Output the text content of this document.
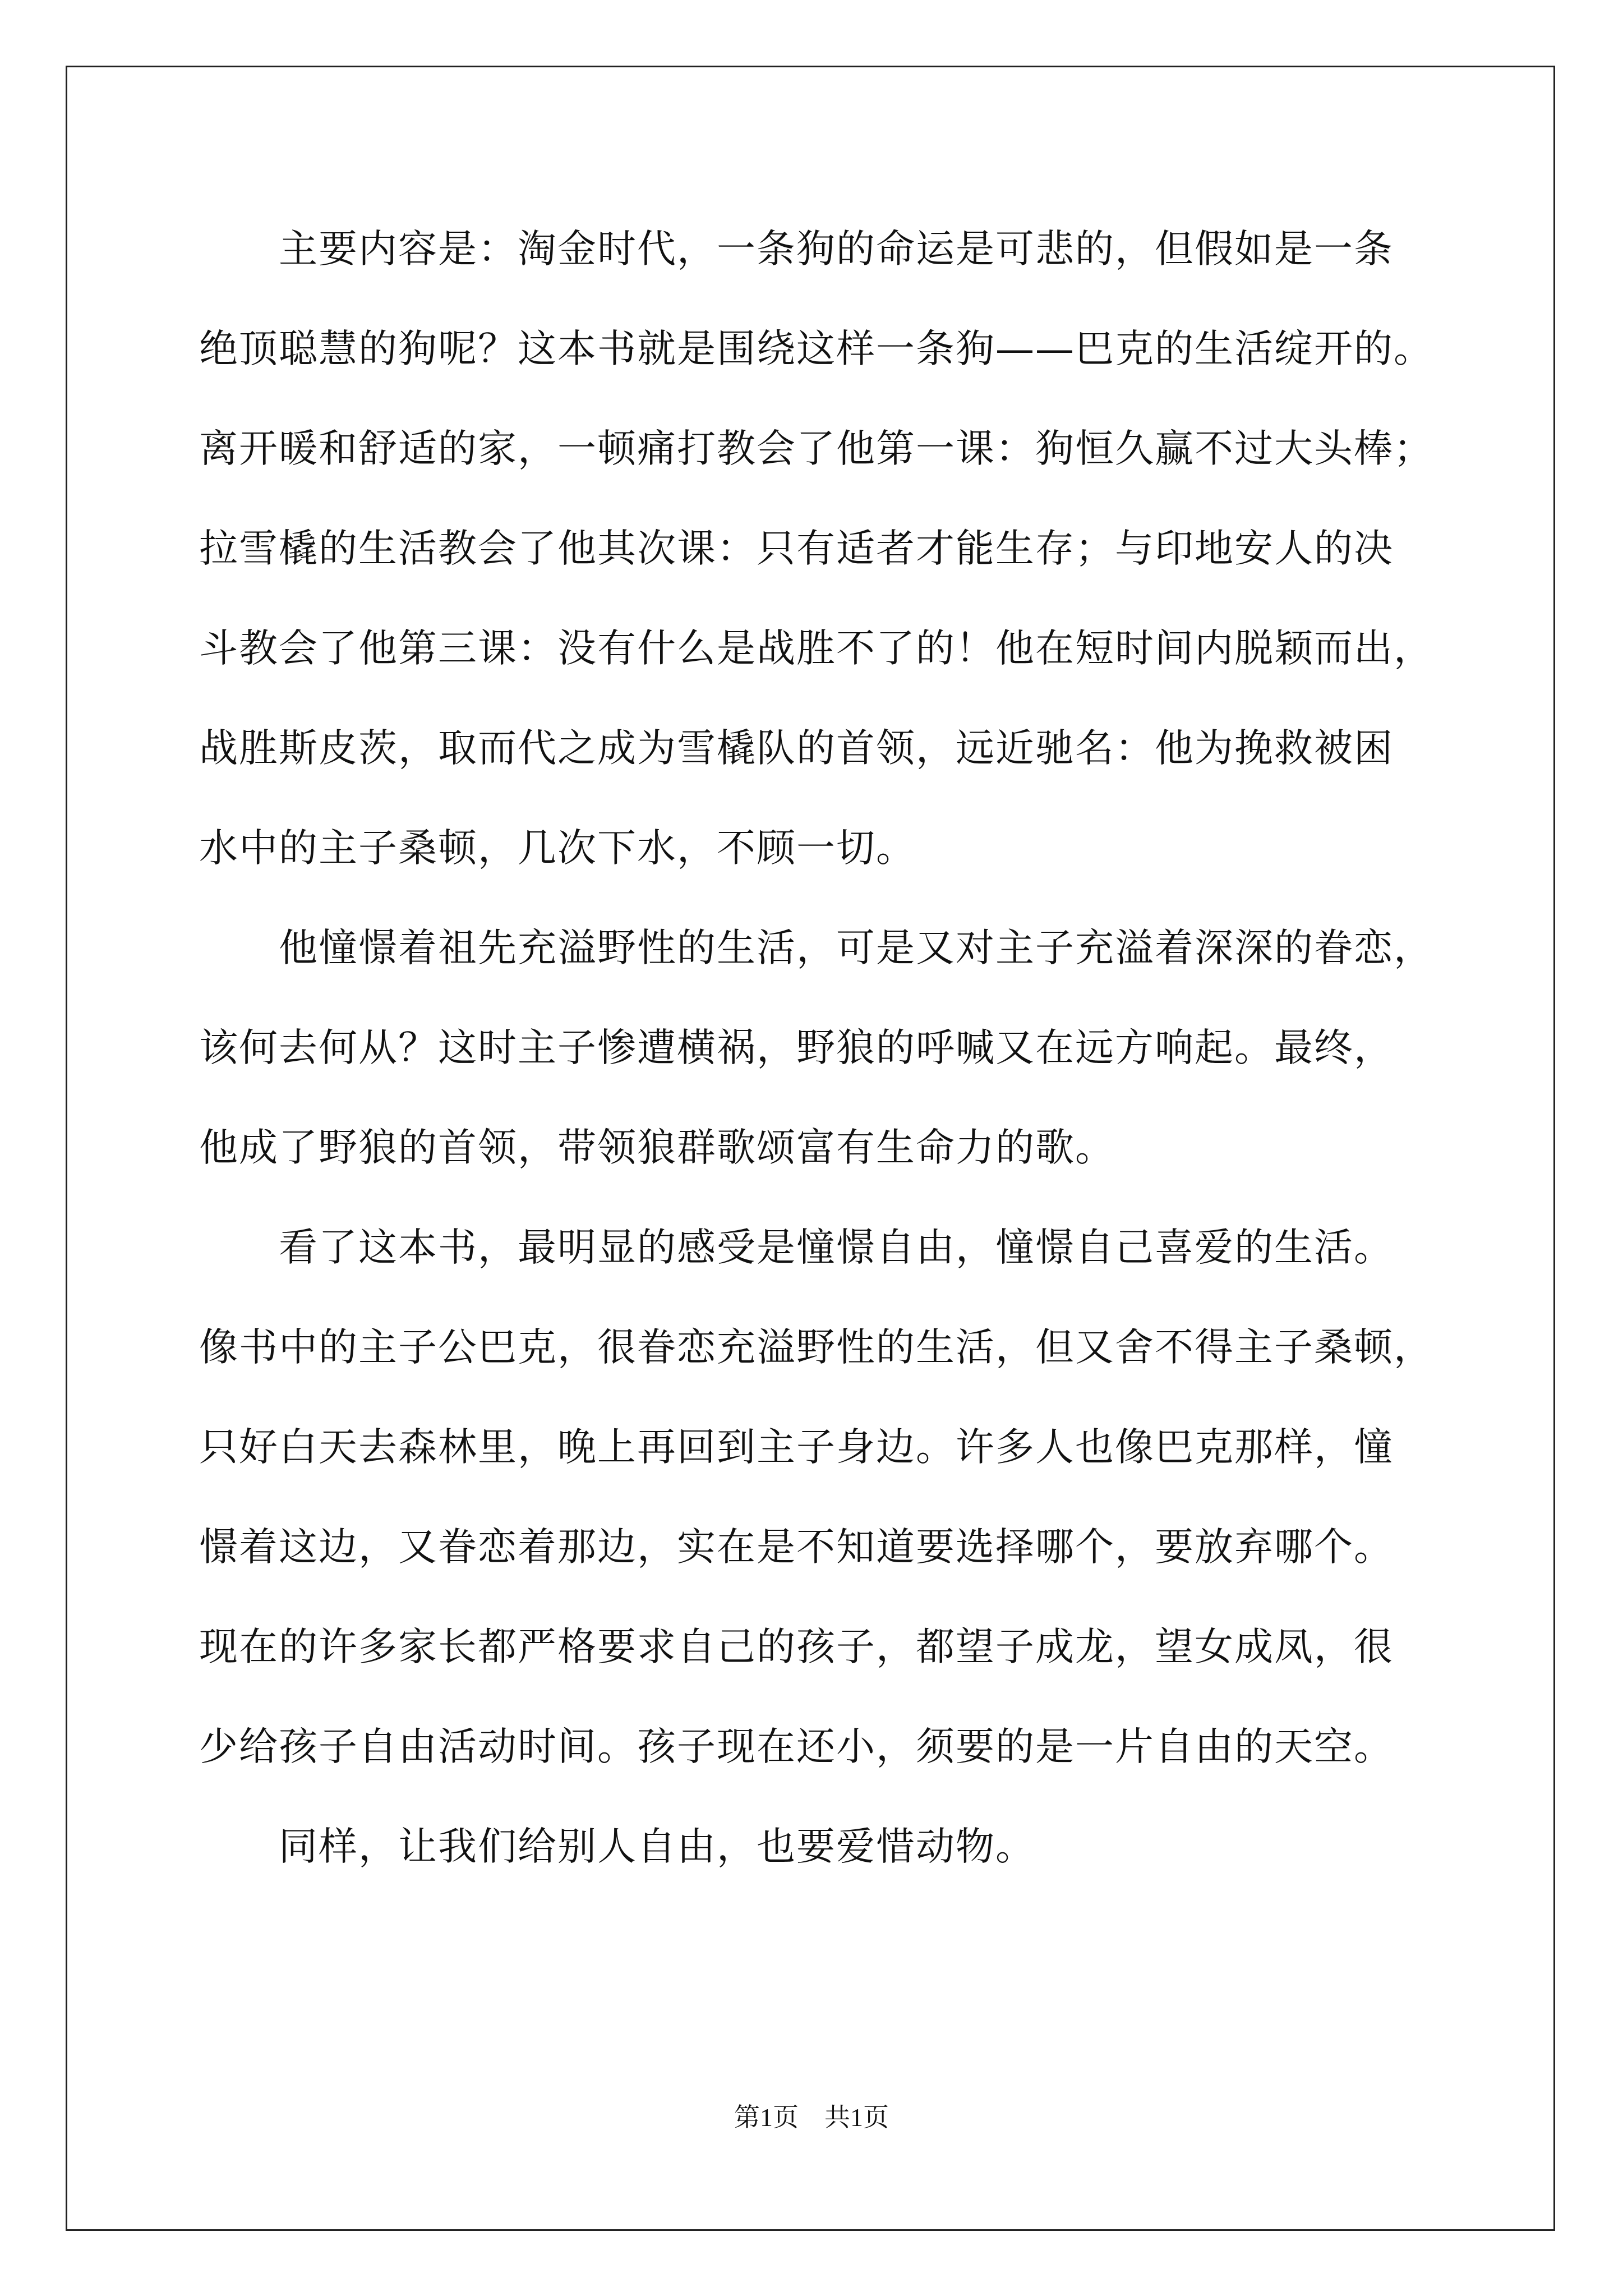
　　主要内容是：淘金时代，一条狗的命运是可悲的，但假如是一条
绝顶聪慧的狗呢？这本书就是围绕这样一条狗——巴克的生活绽开的。
离开暖和舒适的家，一顿痛打教会了他第一课：狗恒久赢不过大头棒；
拉雪橇的生活教会了他其次课：只有适者才能生存；与印地安人的决
斗教会了他第三课：没有什么是战胜不了的！他在短时间内脱颖而出，
战胜斯皮茨，取而代之成为雪橇队的首领，远近驰名：他为挽救被困
水中的主子桑顿，几次下水，不顾一切。
　　他憧憬着祖先充溢野性的生活，可是又对主子充溢着深深的眷恋，
该何去何从？这时主子惨遭横祸，野狼的呼喊又在远方响起。最终，
他成了野狼的首领，带领狼群歌颂富有生命力的歌。
　　看了这本书，最明显的感受是憧憬自由，憧憬自己喜爱的生活。
像书中的主子公巴克，很眷恋充溢野性的生活，但又舍不得主子桑顿，
只好白天去森林里，晚上再回到主子身边。许多人也像巴克那样，憧
憬着这边，又眷恋着那边，实在是不知道要选择哪个，要放弃哪个。
现在的许多家长都严格要求自己的孩子，都望子成龙，望女成凤，很
少给孩子自由活动时间。孩子现在还小，须要的是一片自由的天空。
　　同样，让我们给别人自由，也要爱惜动物。
第1页　共1页
